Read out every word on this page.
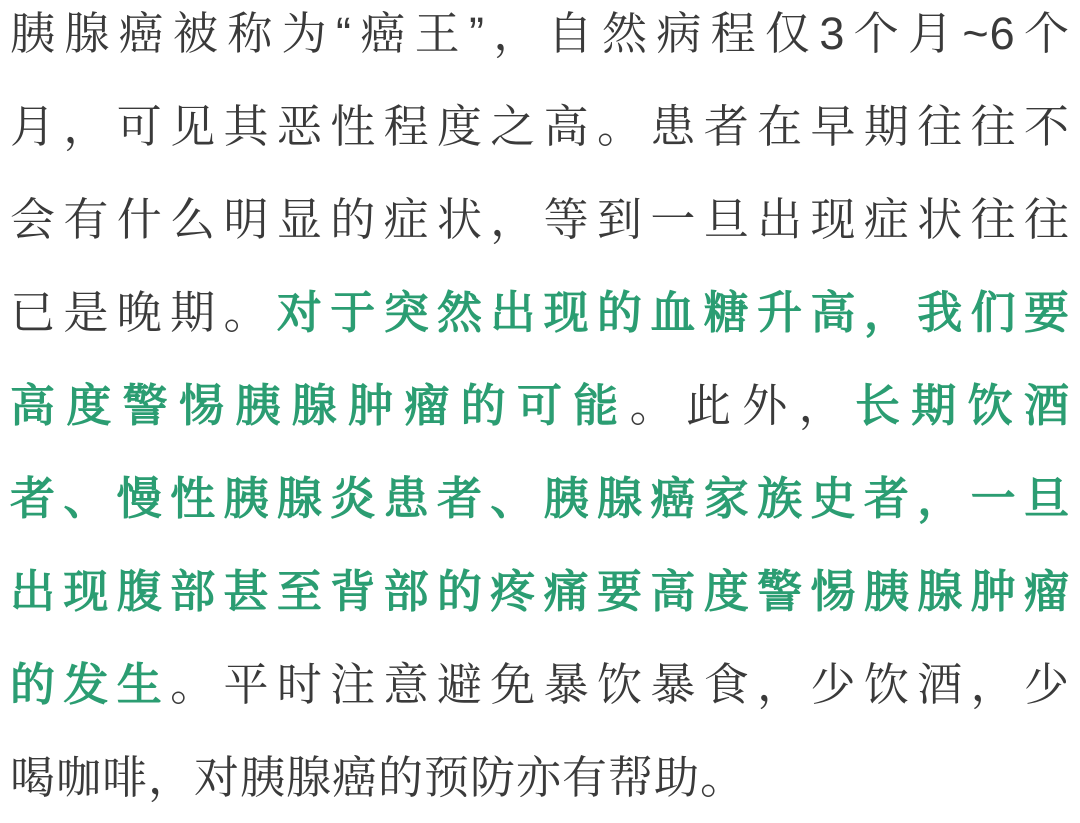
胰腺癌被称为“癌王”，自然病程仅3个月~6个
月，可见其恶性程度之高。患者在早期往往不
会有什么明显的症状，等到一旦出现症状往往
已是晚期。对于突然出现的血糖升高，我们要
高度警惕胰腺肿瘤的可能。此外，长期饮酒
者、慢性胰腺炎患者、胰腺癌家族史者，一旦
出现腹部甚至背部的疼痛要高度警惕胰腺肿瘤
的发生。平时注意避免暴饮暴食，少饮酒，少
喝咖啡，对胰腺癌的预防亦有帮助。
